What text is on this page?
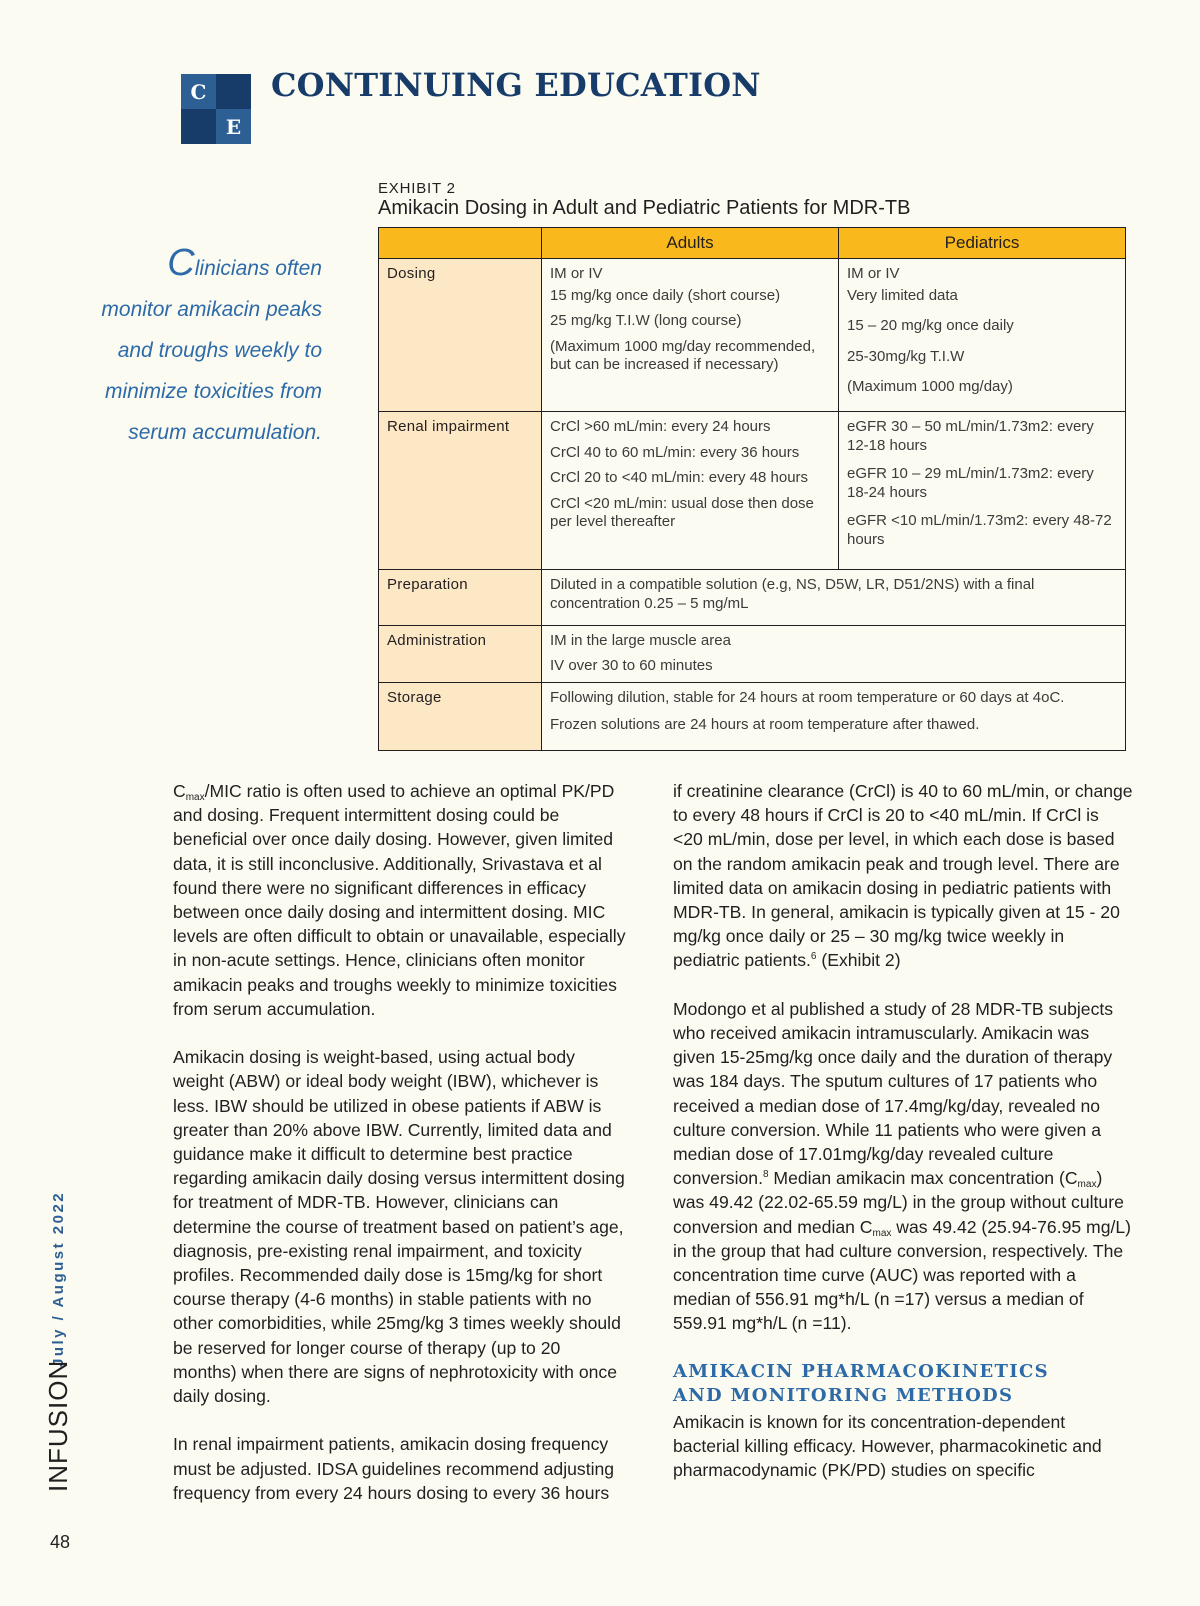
C
E
CONTINUING EDUCATION
EXHIBIT 2
Amikacin Dosing in Adult and Pediatric Patients for MDR-TB
	Adults	Pediatrics
Dosing	IM or IV
15 mg/kg once daily (short course)
25 mg/kg T.I.W (long course)
(Maximum 1000 mg/day recommended, but can be increased if necessary)	IM or IV
Very limited data
15 – 20 mg/kg once daily
25-30mg/kg T.I.W
(Maximum 1000 mg/day)

Renal impairment	CrCl >60 mL/min: every 24 hours
CrCl 40 to 60 mL/min: every 36 hours
CrCl 20 to <40 mL/min: every 48 hours
CrCl <20 mL/min: usual dose then dose per level thereafter	eGFR 30 – 50 mL/min/1.73m2: every 12-18 hours
eGFR 10 – 29 mL/min/1.73m2: every 18-24 hours
eGFR <10 mL/min/1.73m2: every 48-72 hours

Preparation	Diluted in a compatible solution (e.g, NS, D5W, LR, D51/2NS) with a final concentration 0.25 – 5 mg/mL	
Administration	IM in the large muscle area
IV over 30 to 60 minutes	

Storage	Following dilution, stable for 24 hours at room temperature or 60 days at 4oC.
Frozen solutions are 24 hours at room temperature after thawed.	
Clinicians often monitor amikacin peaks and troughs weekly to minimize toxicities from serum accumulation.

$C_{max}$/MIC ratio is often used to achieve an optimal PK/PD and dosing. Frequent intermittent dosing could be beneficial over once daily dosing. However, given limited data, it is still inconclusive. Additionally, Srivastava et al found there were no significant differences in efficacy between once daily dosing and intermittent dosing. MIC levels are often difficult to obtain or unavailable, especially in non-acute settings. Hence, clinicians often monitor amikacin peaks and troughs weekly to minimize toxicities from serum accumulation.

Amikacin dosing is weight-based, using actual body weight (ABW) or ideal body weight (IBW), whichever is less. IBW should be utilized in obese patients if ABW is greater than 20% above IBW. Currently, limited data and guidance make it difficult to determine best practice regarding amikacin daily dosing versus intermittent dosing for treatment of MDR-TB. However, clinicians can determine the course of treatment based on patient’s age, diagnosis, pre-existing renal impairment, and toxicity profiles. Recommended daily dose is 15mg/kg for short course therapy (4-6 months) in stable patients with no other comorbidities, while 25mg/kg 3 times weekly should be reserved for longer course of therapy (up to 20 months) when there are signs of nephrotoxicity with once daily dosing.

In renal impairment patients, amikacin dosing frequency must be adjusted. IDSA guidelines recommend adjusting frequency from every 24 hours dosing to every 36 hours

if creatinine clearance (CrCl) is 40 to 60 mL/min, or change to every 48 hours if CrCl is 20 to <40 mL/min. If CrCl is <20 mL/min, dose per level, in which each dose is based on the random amikacin peak and trough level. There are limited data on amikacin dosing in pediatric patients with MDR-TB. In general, amikacin is typically given at 15 - 20 mg/kg once daily or 25 – 30 mg/kg twice weekly in pediatric patients.$^6$ (Exhibit 2)

Modongo et al published a study of 28 MDR-TB subjects who received amikacin intramuscularly. Amikacin was given 15-25mg/kg once daily and the duration of therapy was 184 days. The sputum cultures of 17 patients who received a median dose of 17.4mg/kg/day, revealed no culture conversion. While 11 patients who were given a median dose of 17.01mg/kg/day revealed culture conversion.$^8$ Median amikacin max concentration $(C_{max})$ was 49.42 (22.02-65.59 mg/L) in the group without culture conversion and median $C_{max}$ was 49.42 (25.94-76.95 mg/L) in the group that had culture conversion, respectively. The concentration time curve (AUC) was reported with a median of 556.91 mg*h/L (n =17) versus a median of 559.91 mg*h/L (n =11).

AMIKACIN PHARMACOKINETICS
AND MONITORING METHODS

Amikacin is known for its concentration-dependent bacterial killing efficacy. However, pharmacokinetic and pharmacodynamic (PK/PD) studies on specific

July / August 2022
INFUSION
48
